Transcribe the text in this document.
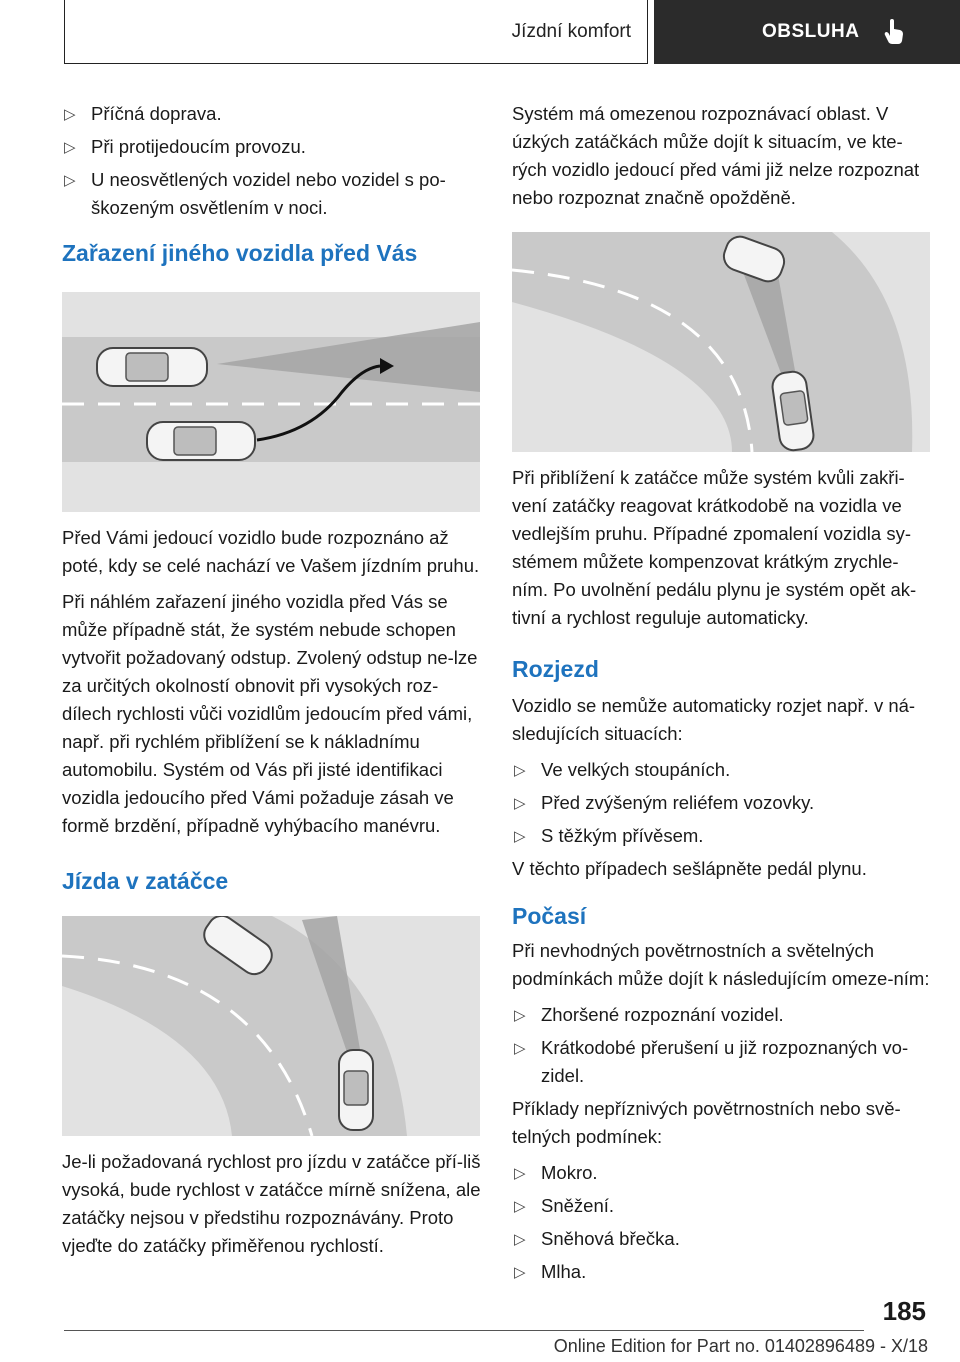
Jízdní komfort	OBSLUHA
▷ Příčná doprava.
▷ Při protijedoucím provozu.
▷ U neosvětlených vozidel nebo vozidel s po-
škozeným osvětlením v noci.
Zařazení jiného vozidla před Vás

Před Vámi jedoucí vozidlo bude rozpoznáno až poté, kdy se celé nachází ve Vašem jízdním pruhu.

Při náhlém zařazení jiného vozidla před Vás se může případně stát, že systém nebude schopen vytvořit požadovaný odstup. Zvolený odstup ne-lze za určitých okolností obnovit při vysokých roz-dílech rychlosti vůči vozidlům jedoucím před vámi, např. při rychlém přiblížení se k nákladnímu automobilu. Systém od Vás při jisté identifikaci vozidla jedoucího před Vámi požaduje zásah ve formě brzdění, případně vyhýbacího manévru.

Jízda v zatáčce

Je-li požadovaná rychlost pro jízdu v zatáčce pří-liš vysoká, bude rychlost v zatáčce mírně snížena, ale zatáčky nejsou v předstihu rozpoznávány. Proto vjeďte do zatáčky přiměřenou rychlostí.

Systém má omezenou rozpoznávací oblast. V úzkých zatáčkách může dojít k situacím, ve kte-rých vozidlo jedoucí před vámi již nelze rozpoznat nebo rozpoznat značně opožděně.

Při přiblížení k zatáčce může systém kvůli zakři-vení zatáčky reagovat krátkodobě na vozidla ve vedlejším pruhu. Případné zpomalení vozidla sy-stémem můžete kompenzovat krátkým zrychle-ním. Po uvolnění pedálu plynu je systém opět ak-tivní a rychlost reguluje automaticky.

Rozjezd

Vozidlo se nemůže automaticky rozjet např. v ná-sledujících situacích:

▷ Ve velkých stoupáních.
▷ Před zvýšeným reliéfem vozovky.
▷ S těžkým přívěsem.

V těchto případech sešlápněte pedál plynu.

Počasí

Při nevhodných povětrnostních a světelných podmínkách může dojít k následujícím omeze-ním:

▷ Zhoršené rozpoznání vozidel.
▷ Krátkodobé přerušení u již rozpoznaných vo-
zidel.

Příklady nepříznivých povětrnostních nebo svě-telných podmínek:

▷ Mokro.
▷ Sněžení.
▷ Sněhová břečka.
▷ Mlha.
185
Online Edition for Part no. 01402896489 - X/18
